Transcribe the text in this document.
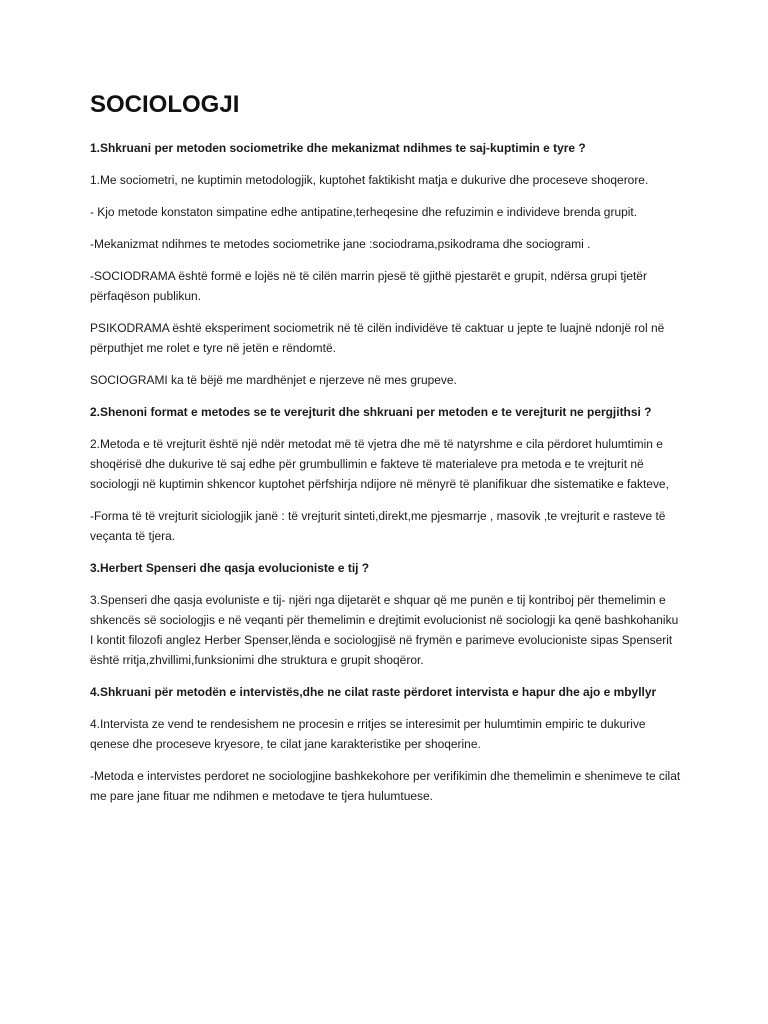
SOCIOLOGJI
1.Shkruani per metoden sociometrike dhe mekanizmat ndihmes te saj-kuptimin e tyre ?
1.Me sociometri, ne kuptimin metodologjik, kuptohet faktikisht matja e dukurive dhe proceseve shoqerore.
- Kjo metode konstaton simpatine edhe antipatine,terheqesine dhe refuzimin e individeve brenda grupit.
-Mekanizmat ndihmes te metodes sociometrike jane :sociodrama,psikodrama dhe sociogrami .
-SOCIODRAMA është formë e lojës në të cilën marrin pjesë të gjithë pjestarët e grupit, ndërsa grupi tjetër përfaqëson publikun.
PSIKODRAMA është eksperiment sociometrik në të cilën individëve të caktuar u jepte te luajnë ndonjë rol në përputhjet me rolet e tyre në jetën e rëndomtë.
SOCIOGRAMI ka të bëjë me mardhënjet e njerzeve në mes grupeve.
2.Shenoni format e metodes se te verejturit dhe shkruani per metoden e te verejturit ne pergjithsi ?
2.Metoda e të vrejturit është një ndër metodat më të vjetra dhe më të natyrshme e cila përdoret hulumtimin e shoqërisë dhe dukurive të saj edhe për grumbullimin e fakteve të materialeve pra metoda e te vrejturit në sociologji në kuptimin shkencor kuptohet përfshirja ndijore në mënyrë të planifikuar dhe sistematike e fakteve,
-Forma të të vrejturit siciologjik janë : të vrejturit sinteti,direkt,me pjesmarrje , masovik ,te vrejturit e rasteve të veçanta të tjera.
3.Herbert Spenseri dhe qasja evolucioniste e tij ?
3.Spenseri dhe qasja evoluniste e tij- njëri nga dijetarët e shquar që me punën e tij kontriboj për themelimin e shkencës së sociologjis e në veqanti për themelimin e drejtimit evolucionist në sociologji ka qenë bashkohaniku I kontit filozofi anglez Herber Spenser,lënda e sociologjisë në frymën e parimeve evolucioniste sipas Spenserit është rritja,zhvillimi,funksionimi dhe struktura e grupit shoqëror.
4.Shkruani për metodën e intervistës,dhe ne cilat raste përdoret intervista e hapur dhe ajo e mbyllyr
4.Intervista ze vend te rendesishem ne procesin e rritjes se interesimit per hulumtimin empiric te dukurive qenese dhe proceseve kryesore, te cilat jane karakteristike per shoqerine.
-Metoda e intervistes perdoret ne sociologjine bashkekohore per verifikimin dhe themelimin e shenimeve te cilat me pare jane fituar me ndihmen e metodave te tjera hulumtuese.
